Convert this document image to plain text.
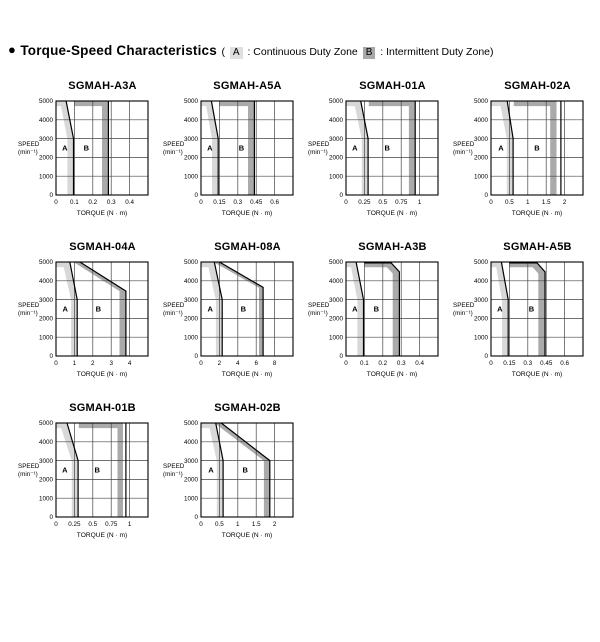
● Torque-Speed Characteristics ( A : Continuous Duty Zone B : Intermittent Duty Zone)
SGMAH-A3A
0
1000
2000
3000
4000
5000
0 0.1 0.2 0.3 0.4
SPEED
(min⁻¹)
TORQUE (N · m)
A B
SGMAH-A5A
0
1000
2000
3000
4000
5000
0 0.15 0.3 0.45 0.6
SPEED
(min⁻¹)
TORQUE (N · m)
A	B
SGMAH-01A
0
1000
2000
3000
4000
5000
0 0.25 0.5 0.75 1
SPEED
(min⁻¹)
TORQUE (N · m)
A	B
SGMAH-02A
0
1000
2000
3000
4000
5000
0 0.5 1 1.5 2
SPEED
(min⁻¹)
TORQUE (N · m)
A	B
SGMAH-04A
0
1000
2000
3000
4000
5000
0 1 2 3 4
SPEED
(min⁻¹)
TORQUE (N · m)
A	B
SGMAH-08A
0
1000
2000
3000
4000
5000
0 2 4 6 8
SPEED
(min⁻¹)
TORQUE (N · m)
A	B
SGMAH-A3B
0
1000
2000
3000
4000
5000
0 0.1 0.2 0.3 0.4
SPEED
(min⁻¹)
TORQUE (N · m)
A B
SGMAH-A5B
0
1000
2000
3000
4000
5000
0 0.15 0.3 0.45 0.6
SPEED
(min⁻¹)
TORQUE (N · m)
A	B
SGMAH-01B
0
1000
2000
3000
4000
5000
0 0.25 0.5 0.75 1
SPEED
(min⁻¹)
TORQUE (N · m)
A	B
SGMAH-02B
0
1000
2000
3000
4000
5000
0 0.5 1 1.5 2
SPEED
(min⁻¹)
TORQUE (N · m)
A	B
